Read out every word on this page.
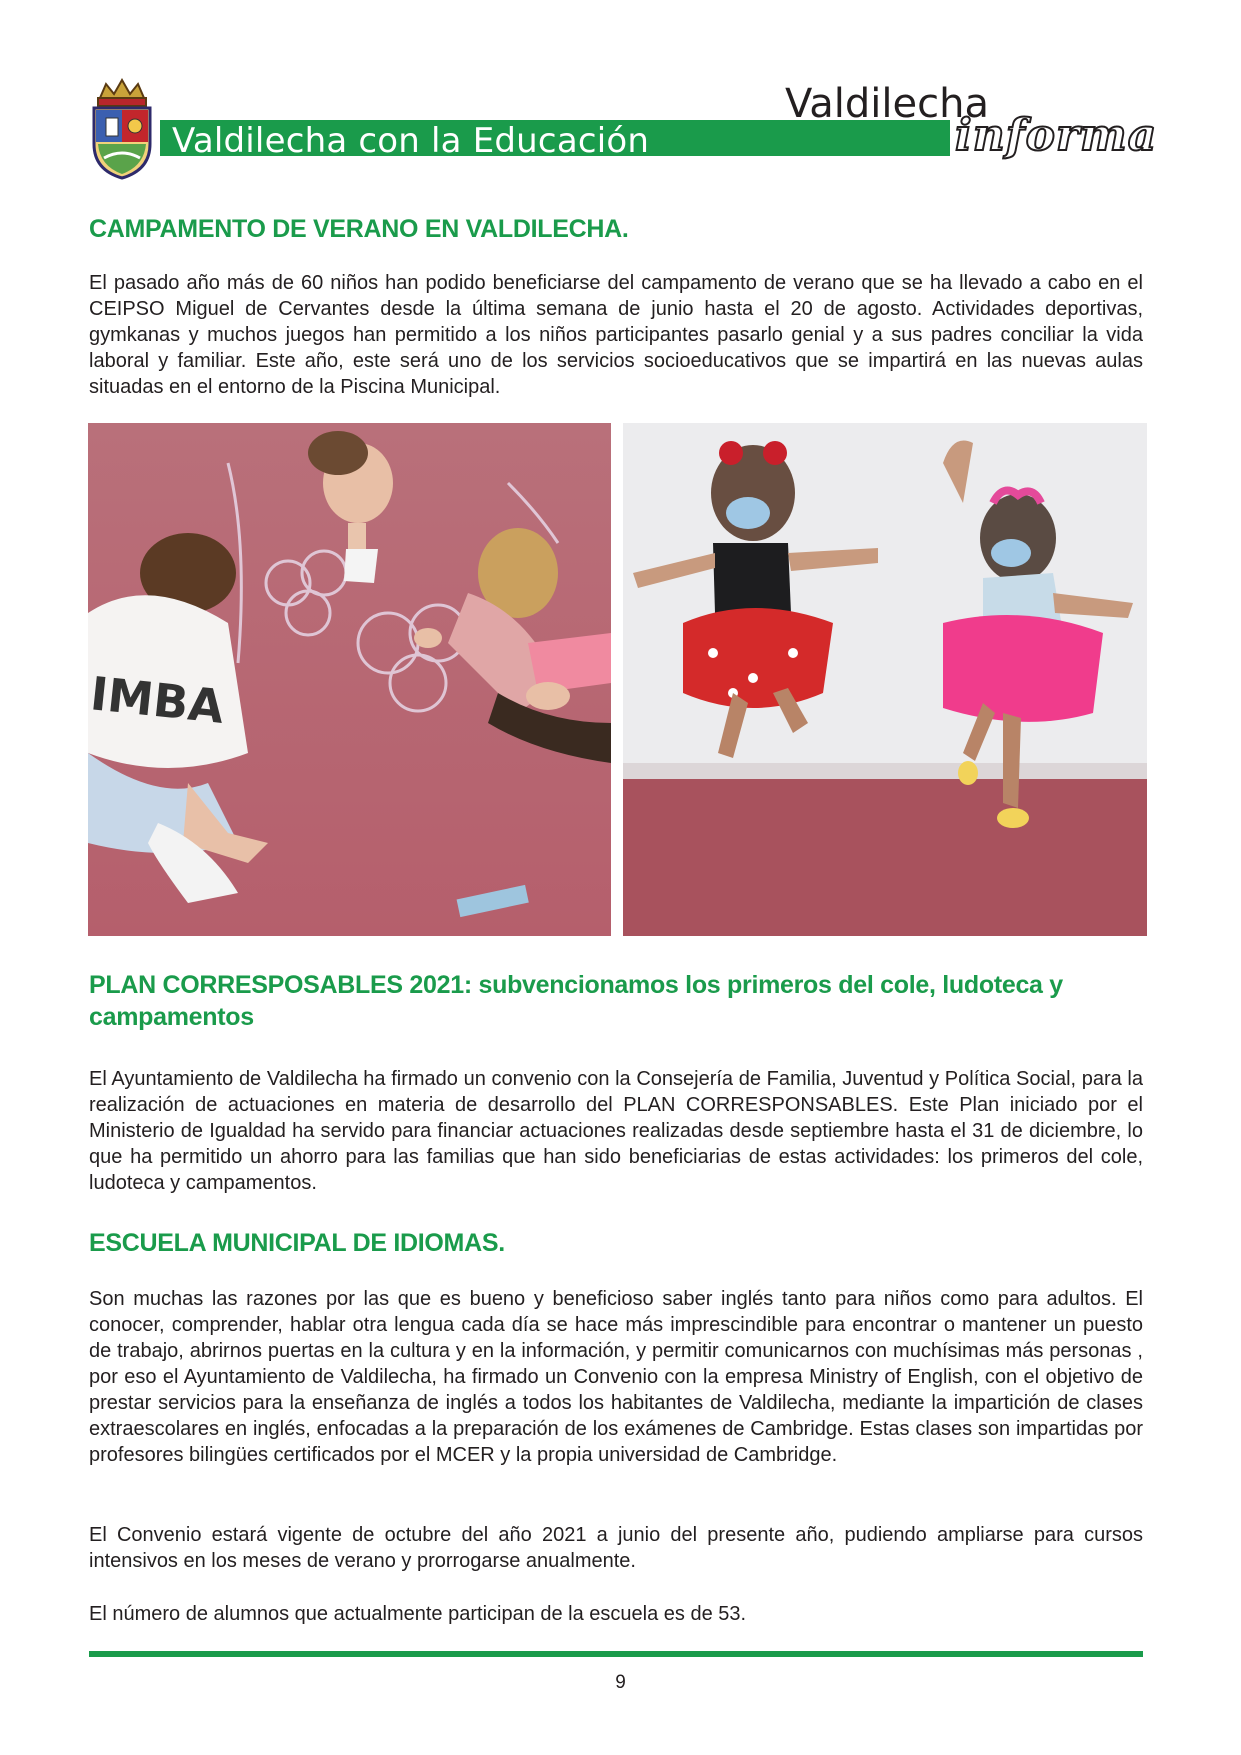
Valdilecha con la Educación
Valdilecha
informa
CAMPAMENTO DE VERANO EN VALDILECHA.

El pasado año más de 60 niños han podido beneficiarse del campamento de verano que se ha llevado a cabo en el CEIPSO Miguel de Cervantes desde la última semana de junio hasta el 20 de agosto. Actividades deportivas, gymkanas y muchos juegos han permitido a los niños participantes pasarlo genial y a sus padres conciliar la vida laboral y familiar. Este año, este será uno de los servicios socioeducativos que se impartirá en las nuevas aulas situadas en el entorno de la Piscina Municipal.

IMBA
PLAN CORRESPOSABLES 2021: subvencionamos los primeros del cole, ludoteca y campamentos

El Ayuntamiento de Valdilecha ha firmado un convenio con la Consejería de Familia, Juventud y Política Social, para la realización de actuaciones en materia de desarrollo del PLAN CORRESPONSABLES. Este Plan iniciado por el Ministerio de Igualdad ha servido para financiar actuaciones realizadas desde septiembre hasta el 31 de diciembre, lo que ha permitido un ahorro para las familias que han sido beneficiarias de estas actividades: los primeros del cole, ludoteca y campamentos.

ESCUELA MUNICIPAL DE IDIOMAS.

Son muchas las razones por las que es bueno y beneficioso saber inglés tanto para niños como para adultos. El conocer, comprender, hablar otra lengua cada día se hace más imprescindible para encontrar o mantener un puesto de trabajo, abrirnos puertas en la cultura y en la información, y permitir comunicarnos con muchísimas más personas , por eso el Ayuntamiento de Valdilecha, ha firmado un Convenio con la empresa Ministry of English, con el objetivo de prestar servicios para la enseñanza de inglés a todos los habitantes de Valdilecha, mediante la impartición de clases extraescolares en inglés, enfocadas a la preparación de los exámenes de Cambridge. Estas clases son impartidas por profesores bilingües certificados por el MCER y la propia universidad de Cambridge.

El Convenio estará vigente de octubre del año 2021 a junio del presente año, pudiendo ampliarse para cursos intensivos en los meses de verano y prorrogarse anualmente.

El número de alumnos que actualmente participan de la escuela es de 53.

9
